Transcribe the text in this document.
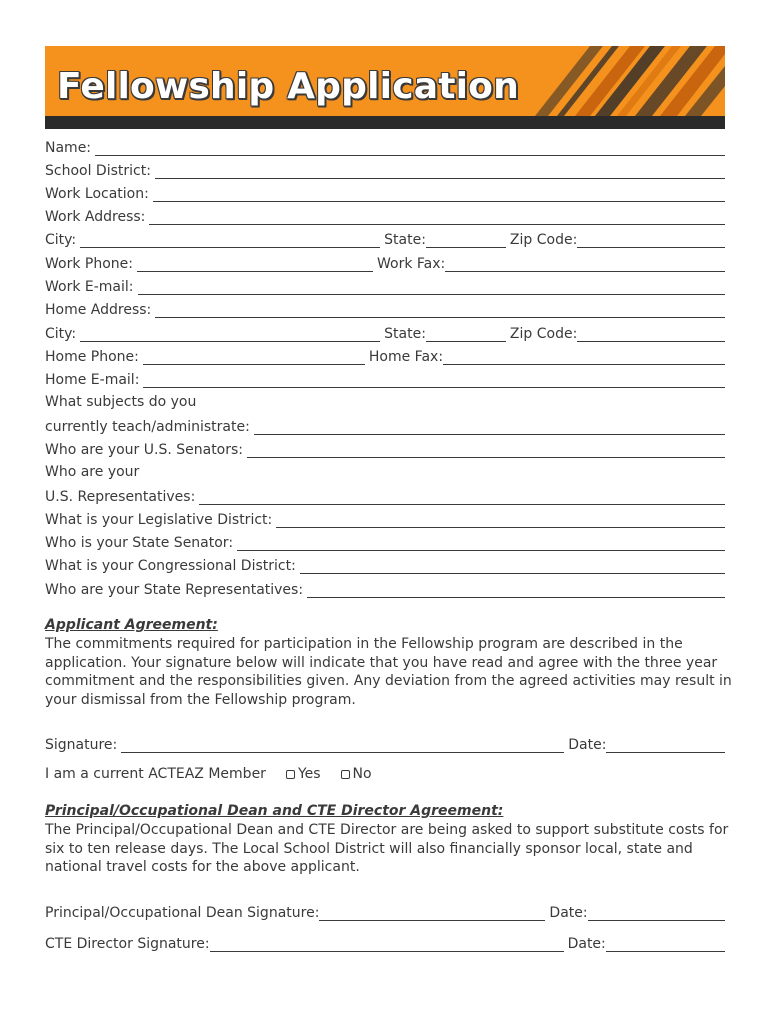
Fellowship Application
Name:
School District:
Work Location:
Work Address:
City:	State:	Zip Code:
Work Phone:	Work Fax:
Work E-mail:
Home Address:
City:	State:	Zip Code:
Home Phone:	Home Fax:
Home E-mail:
What subjects do you
currently teach/administrate:
Who are your U.S. Senators:
Who are your
U.S. Representatives:
What is your Legislative District:
Who is your State Senator:
What is your Congressional District:
Who are your State Representatives:
Applicant Agreement:
The commitments required for participation in the Fellowship program are described in the application. Your signature below will indicate that you have read and agree with the three year commitment and the responsibilities given. Any deviation from the agreed activities may result in your dismissal from the Fellowship program.
Signature:	Date:
I am a current ACTEAZ Member Yes No
Principal/Occupational Dean and CTE Director Agreement:
The Principal/Occupational Dean and CTE Director are being asked to support substitute costs for six to ten release days. The Local School District will also financially sponsor local, state and national travel costs for the above applicant.
Principal/Occupational Dean Signature:	Date:
CTE Director Signature:	Date:
